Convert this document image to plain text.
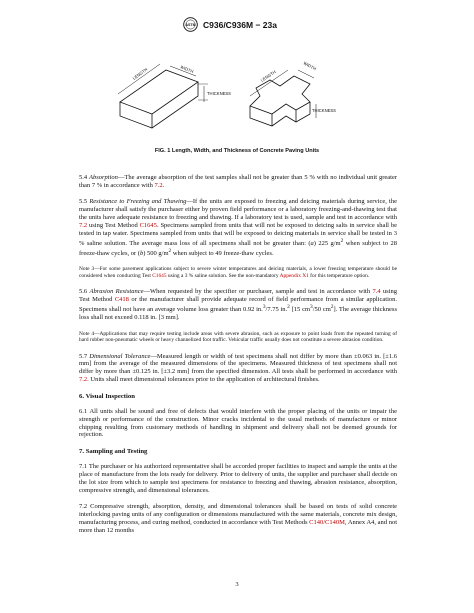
ASTM C936/C936M − 23a
LENGTH	WIDTH
THICKNESS
LENGTH
WIDTH
THICKNESS
FIG. 1 Length, Width, and Thickness of Concrete Paving Units

5.4 Absorption—The average absorption of the test samples shall not be greater than 5 % with no individual unit greater than 7 % in accordance with 7.2.

5.5 Resistance to Freezing and Thawing—If the units are exposed to freezing and deicing materials during service, the manufacturer shall satisfy the purchaser either by proven field performance or a laboratory freezing-and-thawing test that the units have adequate resistance to freezing and thawing. If a laboratory test is used, sample and test in accordance with 7.2 using Test Method C1645. Specimens sampled from units that will not be exposed to deicing salts in service shall be tested in tap water. Specimens sampled from units that will be exposed to deicing materials in service shall be tested in 3 % saline solution. The average mass loss of all specimens shall not be greater than: (a) 225 $g/m^2$ when subject to 28 freeze-thaw cycles, or (b) 500 $g/m^2$ when subject to 49 freeze-thaw cycles.

Note 3—For some pavement applications subject to severe winter temperatures and deicing materials, a lower freezing temperature should be considered when conducting Test C1645 using a 3 % saline solution. See the non-mandatory Appendix X1 for this temperature option.

5.6 Abrasion Resistance—When requested by the specifier or purchaser, sample and test in accordance with 7.4 using Test Method C418 or the manufacturer shall provide adequate record of field performance from a similar application. Specimens shall not have an average volume loss greater than 0.92 in.$^3$/7.75 in.$^2$ [15 $cm^3/50$ $cm^2$]. The average thickness loss shall not exceed 0.118 in. [3 mm].

Note 4—Applications that may require testing include areas with severe abrasion, such as exposure to point loads from the repeated turning of hard rubber non-pneumatic wheels or heavy channelized foot traffic. Vehicular traffic usually does not constitute a severe abrasion condition.

5.7 Dimensional Tolerance—Measured length or width of test specimens shall not differ by more than ±0.063 in. [±1.6 mm] from the average of the measured dimensions of the specimens. Measured thickness of test specimens shall not differ by more than ±0.125 in. [±3.2 mm] from the specified dimension. All tests shall be performed in accordance with 7.2. Units shall meet dimensional tolerances prior to the application of architectural finishes.

6. Visual Inspection

6.1 All units shall be sound and free of defects that would interfere with the proper placing of the units or impair the strength or performance of the construction. Minor cracks incidental to the usual methods of manufacture or minor chipping resulting from customary methods of handling in shipment and delivery shall not be deemed grounds for rejection.

7. Sampling and Testing

7.1 The purchaser or his authorized representative shall be accorded proper facilities to inspect and sample the units at the place of manufacture from the lots ready for delivery. Prior to delivery of units, the supplier and purchaser shall decide on the lot size from which to sample test specimens for resistance to freezing and thawing, abrasion resistance, absorption, compressive strength, and dimensional tolerances.

7.2 Compressive strength, absorption, density, and dimensional tolerances shall be based on tests of solid concrete interlocking paving units of any configuration or dimensions manufactured with the same materials, concrete mix design, manufacturing process, and curing method, conducted in accordance with Test Methods C140/C140M, Annex A4, and not more than 12 months

3
